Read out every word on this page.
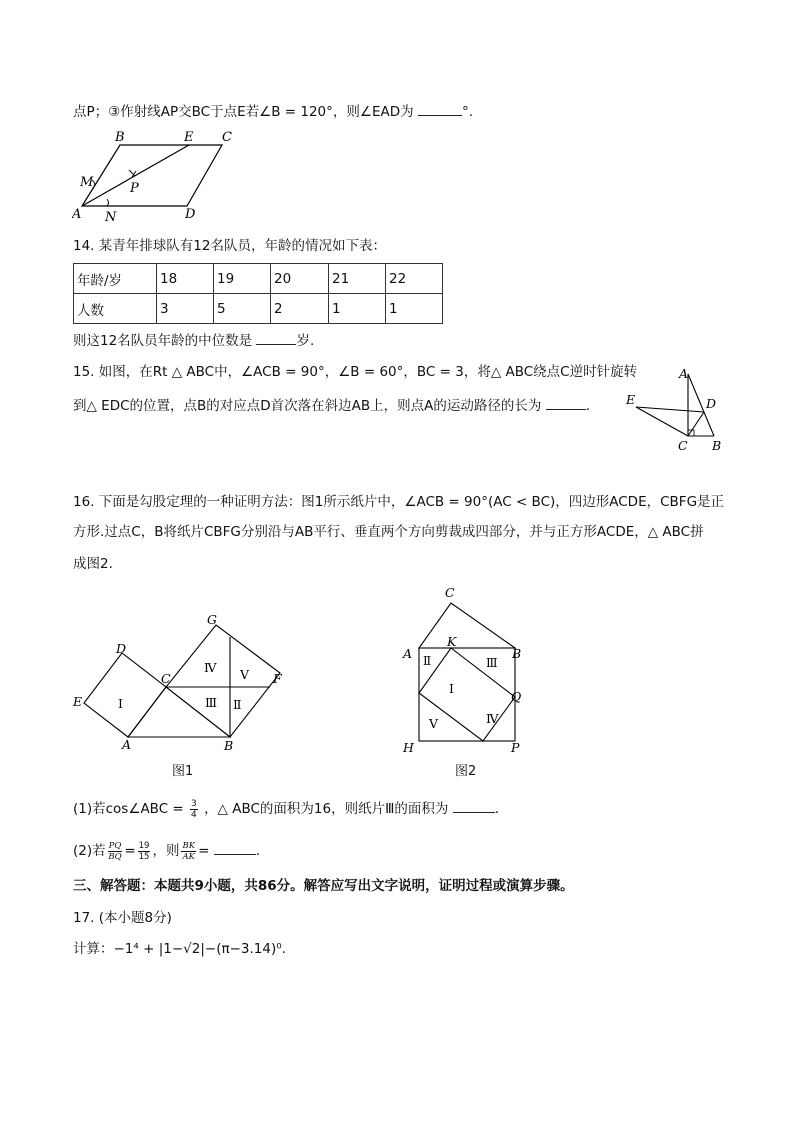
点P；③作射线AP交BC于点E若∠B = 120°，则∠EAD为	°.
B	E C
M	P
A N	D
14. 某青年排球队有12名队员，年龄的情况如下表：
年龄/岁	18	19	20	21	22
人数	3	5	2	1	1
则这12名队员年龄的中位数是	岁.
15. 如图，在Rt △ ABC中，∠ACB = 90°，∠B = 60°，BC = 3，将△ ABC绕点C逆时针旋转
到△ EDC的位置，点B的对应点D首次落在斜边AB上，则点A的运动路径的长为	.
A
E	D
C B
16. 下面是勾股定理的一种证明方法：图1所示纸片中，∠ACB = 90°(AC < BC)，四边形ACDE，CBFG是正
方形.过点C，B将纸片CBFG分别沿与AB平行、垂直两个方向剪裁成四部分，并与正方形ACDE，△ ABC拼
成图2.
G
D
C	F
E
A	B
Ⅰ
Ⅳ Ⅴ
Ⅲ Ⅱ
图1
C
A
K
B
Q
H	P
Ⅱ	Ⅲ
Ⅰ
Ⅴ	Ⅳ
图2
(1)若cos∠ABC = $\frac{3}{4}$ ，△ ABC的面积为16，则纸片Ⅲ的面积为	.
(2)若 $\frac{PQ}{BQ} = \frac{19}{15}$ ，则 $\frac{BK}{AK}$ =	.
三、解答题：本题共9小题，共86分。解答应写出文字说明，证明过程或演算步骤。
17. (本小题8分)
计算：−1⁴ + |1−√2|−(π−3.14)⁰.
